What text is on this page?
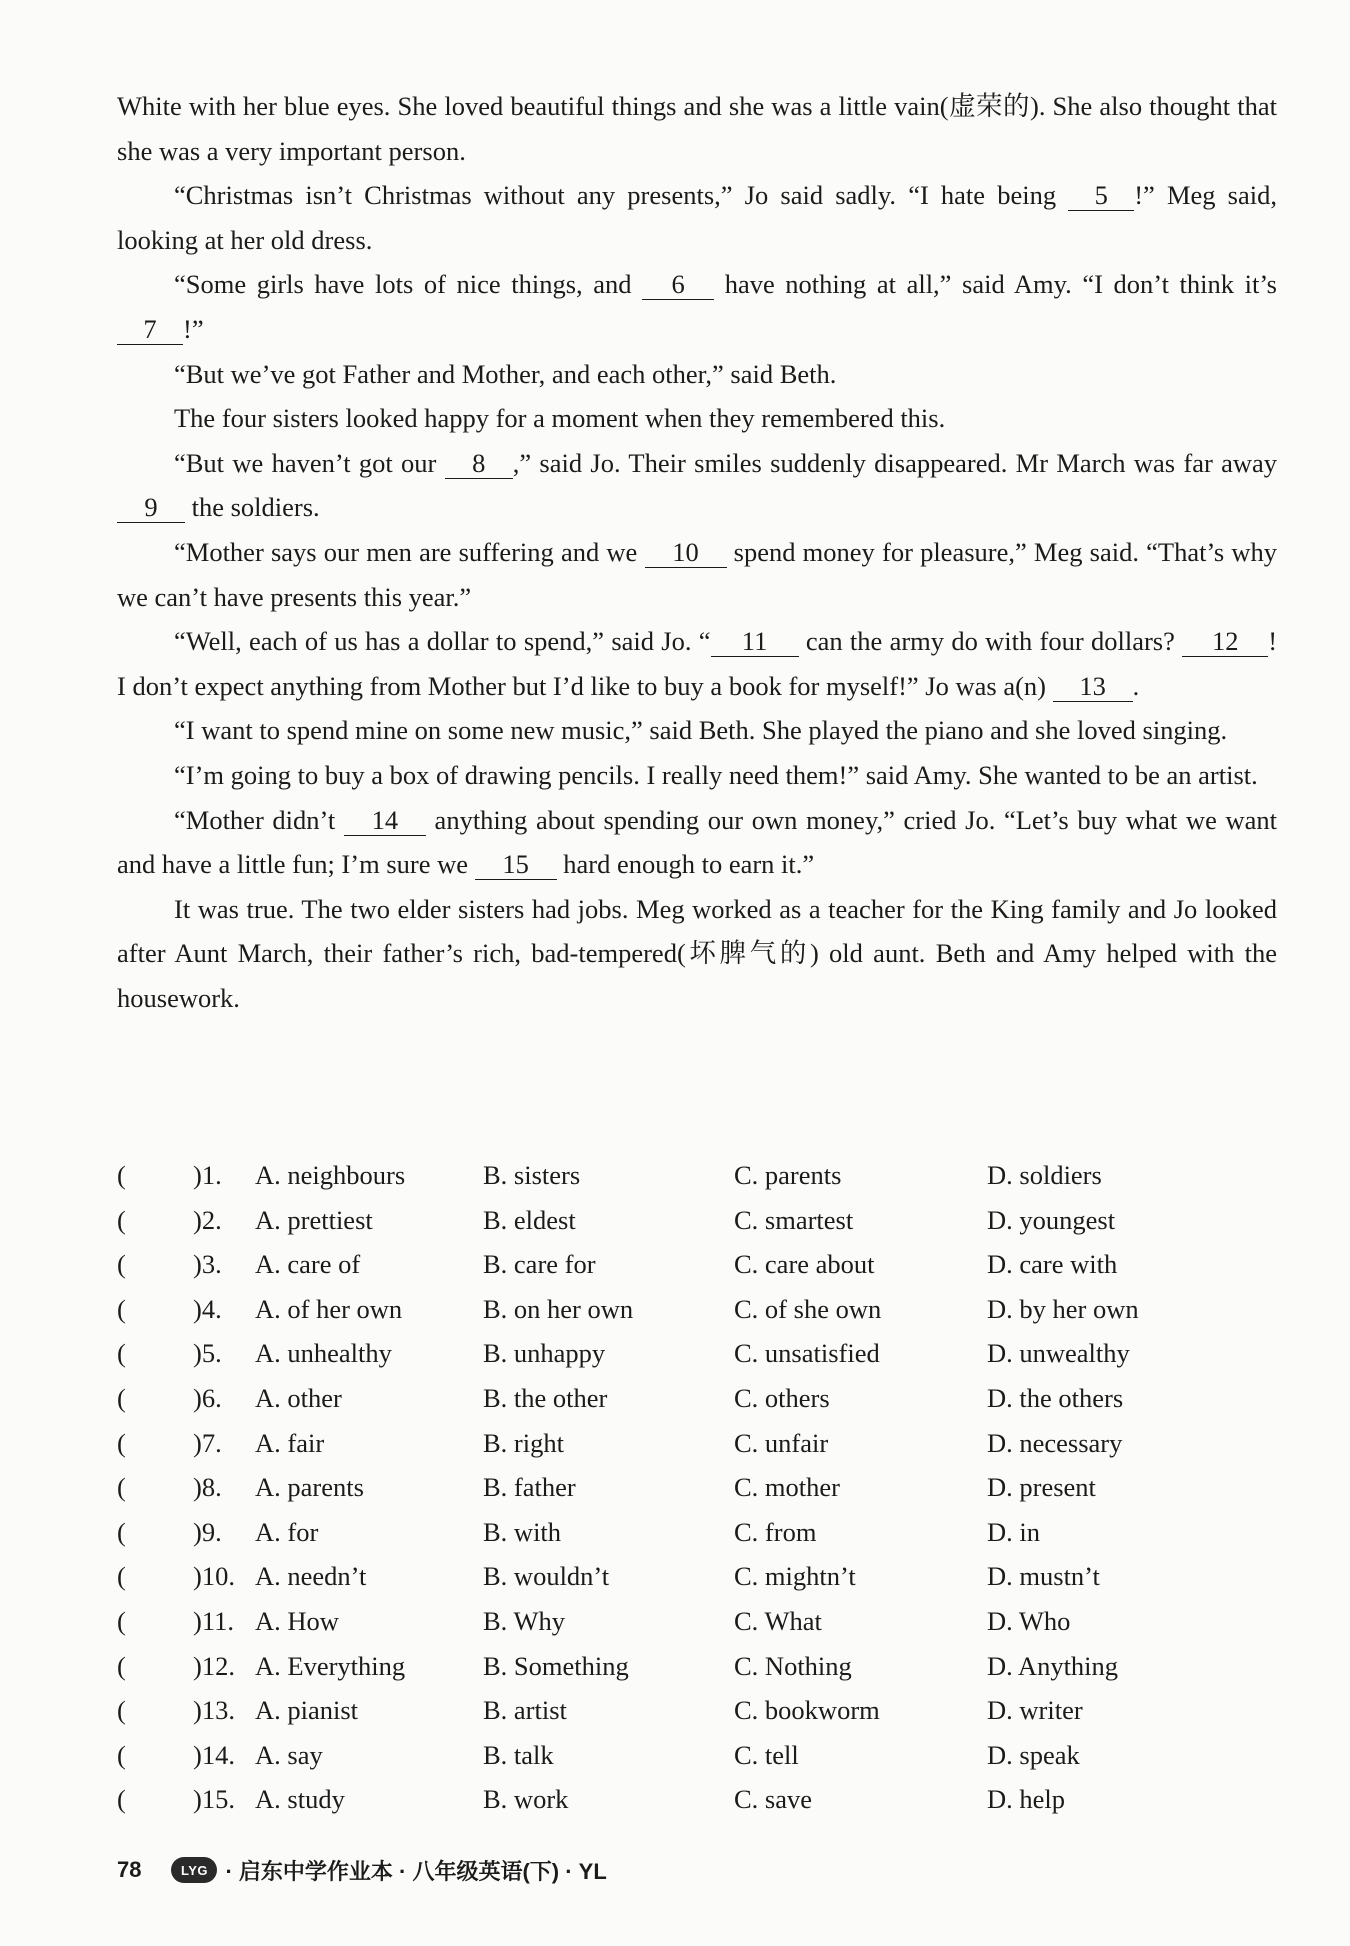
White with her blue eyes. She loved beautiful things and she was a little vain(虚荣的). She also thought that she was a very important person.

“Christmas isn’t Christmas without any presents,” Jo said sadly. “I hate being 5 !” Meg said, looking at her old dress.

“Some girls have lots of nice things, and 6 have nothing at all,” said Amy. “I don’t think it’s 7 !”

“But we’ve got Father and Mother, and each other,” said Beth.

The four sisters looked happy for a moment when they remembered this.

“But we haven’t got our 8 ,” said Jo. Their smiles suddenly disappeared. Mr March was far away 9 the soldiers.

“Mother says our men are suffering and we 10 spend money for pleasure,” Meg said. “That’s why we can’t have presents this year.”

“Well, each of us has a dollar to spend,” said Jo. “ 11 can the army do with four dollars? 12 ! I don’t expect anything from Mother but I’d like to buy a book for myself!” Jo was a(n) 13 .

“I want to spend mine on some new music,” said Beth. She played the piano and she loved singing.

“I’m going to buy a box of drawing pencils. I really need them!” said Amy. She wanted to be an artist.

“Mother didn’t 14 anything about spending our own money,” cried Jo. “Let’s buy what we want and have a little fun; I’m sure we 15 hard enough to earn it.”

It was true. The two elder sisters had jobs. Meg worked as a teacher for the King family and Jo looked after Aunt March, their father’s rich, bad-tempered(坏脾气的) old aunt. Beth and Amy helped with the housework.

(	)1. A. neighbours	B. sisters	C. parents	D. soldiers
(	)2. A. prettiest	B. eldest	C. smartest	D. youngest
(	)3. A. care of	B. care for	C. care about	D. care with
(	)4. A. of her own	B. on her own	C. of she own	D. by her own
(	)5. A. unhealthy	B. unhappy	C. unsatisfied	D. unwealthy
(	)6. A. other	B. the other	C. others	D. the others
(	)7. A. fair	B. right	C. unfair	D. necessary
(	)8. A. parents	B. father	C. mother	D. present
(	)9. A. for	B. with	C. from	D. in
(	)10. A. needn’t	B. wouldn’t	C. mightn’t	D. mustn’t
(	)11. A. How	B. Why	C. What	D. Who
(	)12. A. Everything	B. Something	C. Nothing	D. Anything
(	)13. A. pianist	B. artist	C. bookworm	D. writer
(	)14. A. say	B. talk	C. tell	D. speak
(	)15. A. study	B. work	C. save	D. help
78	LYG · 启东中学作业本 · 八年级英语(下) · YL
